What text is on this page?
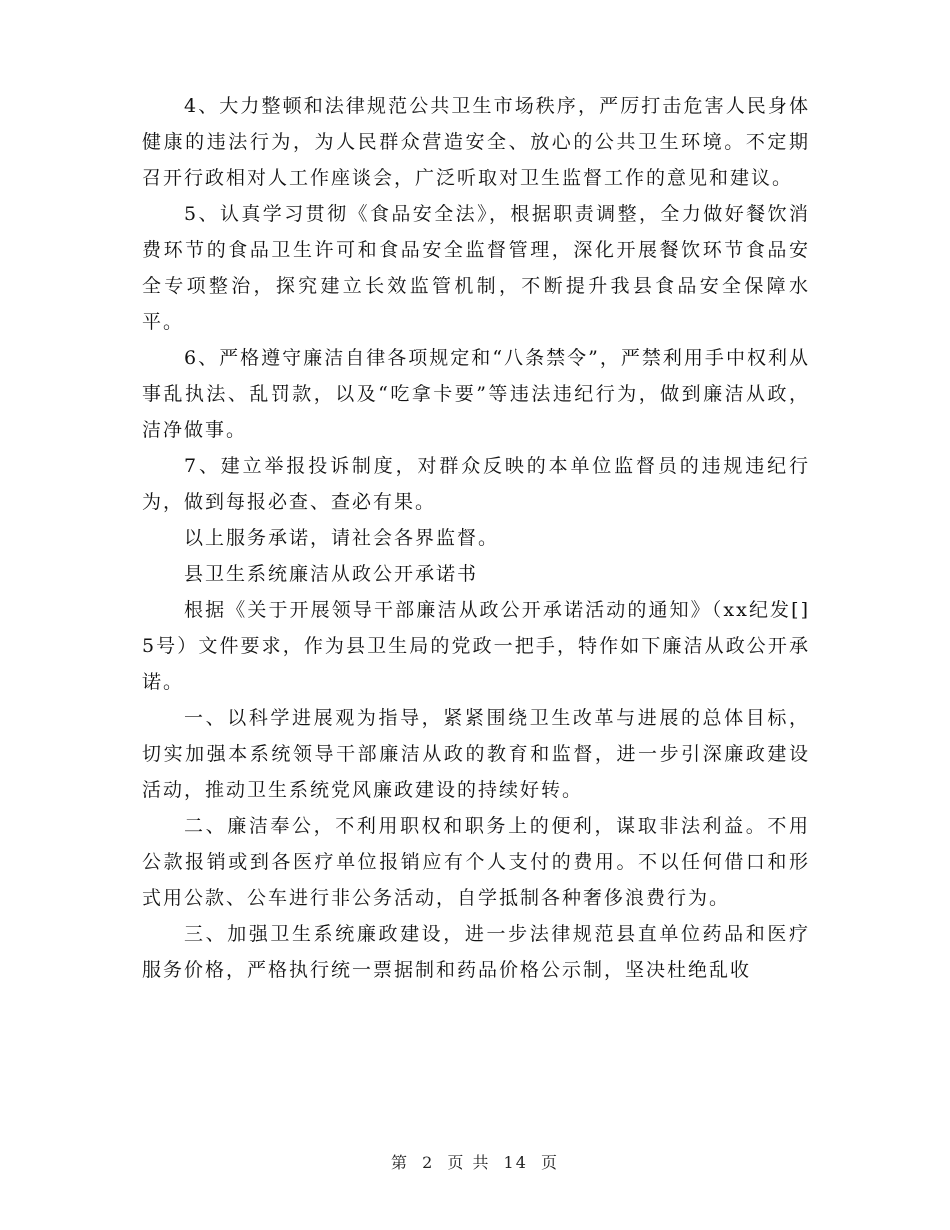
4、大力整顿和法律规范公共卫生市场秩序，严厉打击危害人民身体健康的违法行为，为人民群众营造安全、放心的公共卫生环境。不定期召开行政相对人工作座谈会，广泛听取对卫生监督工作的意见和建议。

5、认真学习贯彻《食品安全法》，根据职责调整，全力做好餐饮消费环节的食品卫生许可和食品安全监督管理，深化开展餐饮环节食品安全专项整治，探究建立长效监管机制，不断提升我县食品安全保障水平。

6、严格遵守廉洁自律各项规定和“八条禁令”，严禁利用手中权利从事乱执法、乱罚款，以及“吃拿卡要”等违法违纪行为，做到廉洁从政，洁净做事。

7、建立举报投诉制度，对群众反映的本单位监督员的违规违纪行为，做到每报必查、查必有果。

以上服务承诺，请社会各界监督。

县卫生系统廉洁从政公开承诺书

根据《关于开展领导干部廉洁从政公开承诺活动的通知》（xx纪发[]5号）文件要求，作为县卫生局的党政一把手，特作如下廉洁从政公开承诺。

一、以科学进展观为指导，紧紧围绕卫生改革与进展的总体目标，切实加强本系统领导干部廉洁从政的教育和监督，进一步引深廉政建设活动，推动卫生系统党风廉政建设的持续好转。

二、廉洁奉公，不利用职权和职务上的便利，谋取非法利益。不用公款报销或到各医疗单位报销应有个人支付的费用。不以任何借口和形式用公款、公车进行非公务活动，自学抵制各种奢侈浪费行为。

三、加强卫生系统廉政建设，进一步法律规范县直单位药品和医疗服务价格，严格执行统一票据制和药品价格公示制，坚决杜绝乱收

第 2 页 共 14 页
